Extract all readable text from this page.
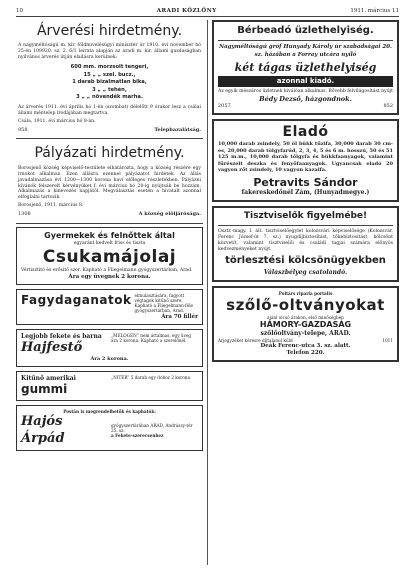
10	ARADI KÖZLÖNY	1911. március 11
Árverési hirdetmény.

A nagyméltóságú m. kir. földmivelésügyi miniszter úr 1910. évi november hó 25-én 109920. sz. 2. 6/1 leirata alapján az aradi m. kir. állami gazdaságban nyilvános árverés útján eladásra kerülnek:

600 mm. morzsolt tengeri,
15 „ „ szel. bucz.,
1 darab bizalmatlan bika,
3 „ „ tehén,
3 „ „ növendék marha.

Az árverés 1911. évi április hó 1-én (szombat) délelőtt 9 órakor lesz a csálai állami méntelep irodájában megtartva.

Csála, 1911. évi március hó 8-án.

958	Telephazalátság.
Pályázati hirdetmény.

Borosjenő község képviselő-testülete elhatározta, hogy a község részére egy irnokot alkalmaz. Ezen állásra ezennel pályázatot hirdetek. Az állás javadalmazása évi 1200—1300 korona havi előleges részletekben. Pályázni kívánók felszerelt kérvényüket f. évi március hó 20-ig nyújtsák be hozzám. Alkalmazás a kinevezés napjától. Megválasztás esetén a hivatalt azonnal elfoglalni tartozik.

Borosjenő, 1911. március 8.

1308	A község elöljárósága.
Gyermekek és felnőttek által
egyaránt kedvelt friss és tiszta
Csukamájolaj

Vértisztító és erősítő szer. Kapható a Fliegelmann gyógyszertárban, Arad.

Ára egy üvegnek 2 korona.
Fagydaganatok elmulasztására, fagyott végtagok kitűnő szere. Kapható a Fliegelmann-féle gyógyszertárban, Arad.
Ára 70 fillér
Legjobb fekete és barna
Hajfestő
„MELOGEN” nem ártalmas, egy üveg ára 2 korona. Kapható a szerelőnél.
Ára 2 korona.
Kitűnő amerikai
gummi
„NITER” 5 darab egy doboz 2 korona.
Postán is megrendelhetők és kaphatók:
Hajós Árpád
gyógyszertárában ARAD, Andrássy-tér 25. sz.
a Fekete-szerecsenhez
Bérbeadó üzlethelyiség.

Nagyméltóságú gróf Hunyady Károly úr szabadságai 20. sz. házában a Forray utcára nyíló

két tágas üzlethelyiség
azonnal kiadó.

Az egyik mészáros üzletnek kiválóan alkalmas. Bővebb felvilágosítást nyújt

Bédy Dezső, házgondnok.
2057	852
Eladó

10,000 darab zsindely, 50 öl bükk tűzifa, 30,000 darab 30 cm-es, 20,000 darab tölgyfarúd, 2, 3, 4, 5 és 6 m. hosszú, 50 és 51 125 m.m., 10,000 darab tőlgyfa és bükkfaanyagok, valamint fűrészelt deszka és fenyőfaanyagok. Ugyancsak eladó 20 vagyon rőt zsindely, 10 vagyon kazalfa.

Petravits Sándor
fakereskedőnél Zám, (Hunyadmegye.)
Tisztviselők figyelmébe!

Osztr.-magy. I. ált. tisztviselőegylet kolozsvári képviselősége (Kolozsvár, Ferenc József-út 7. sz.) nyugdíjbiztosítást, tőkebiztosítást, kölcsönt közvetít, valamint tisztviselői és családi tagjai számára előnyös kedvezményeket nyújt.

törlesztési kölcsönügyekben
Válaszbélyeg csatolandó.
Poltárs riparia portalis
szőlő-oltványokat
ajánl olcsó árakon, első minőségben
HÁMORY-GAZDASÁG
szőlőoltvány-telepe, ARAD.
Árjegyzéket kérésre díjtalanul küld	1011
Deák Ferenc-utca 3. sz. alatt.
Telefon 220.
